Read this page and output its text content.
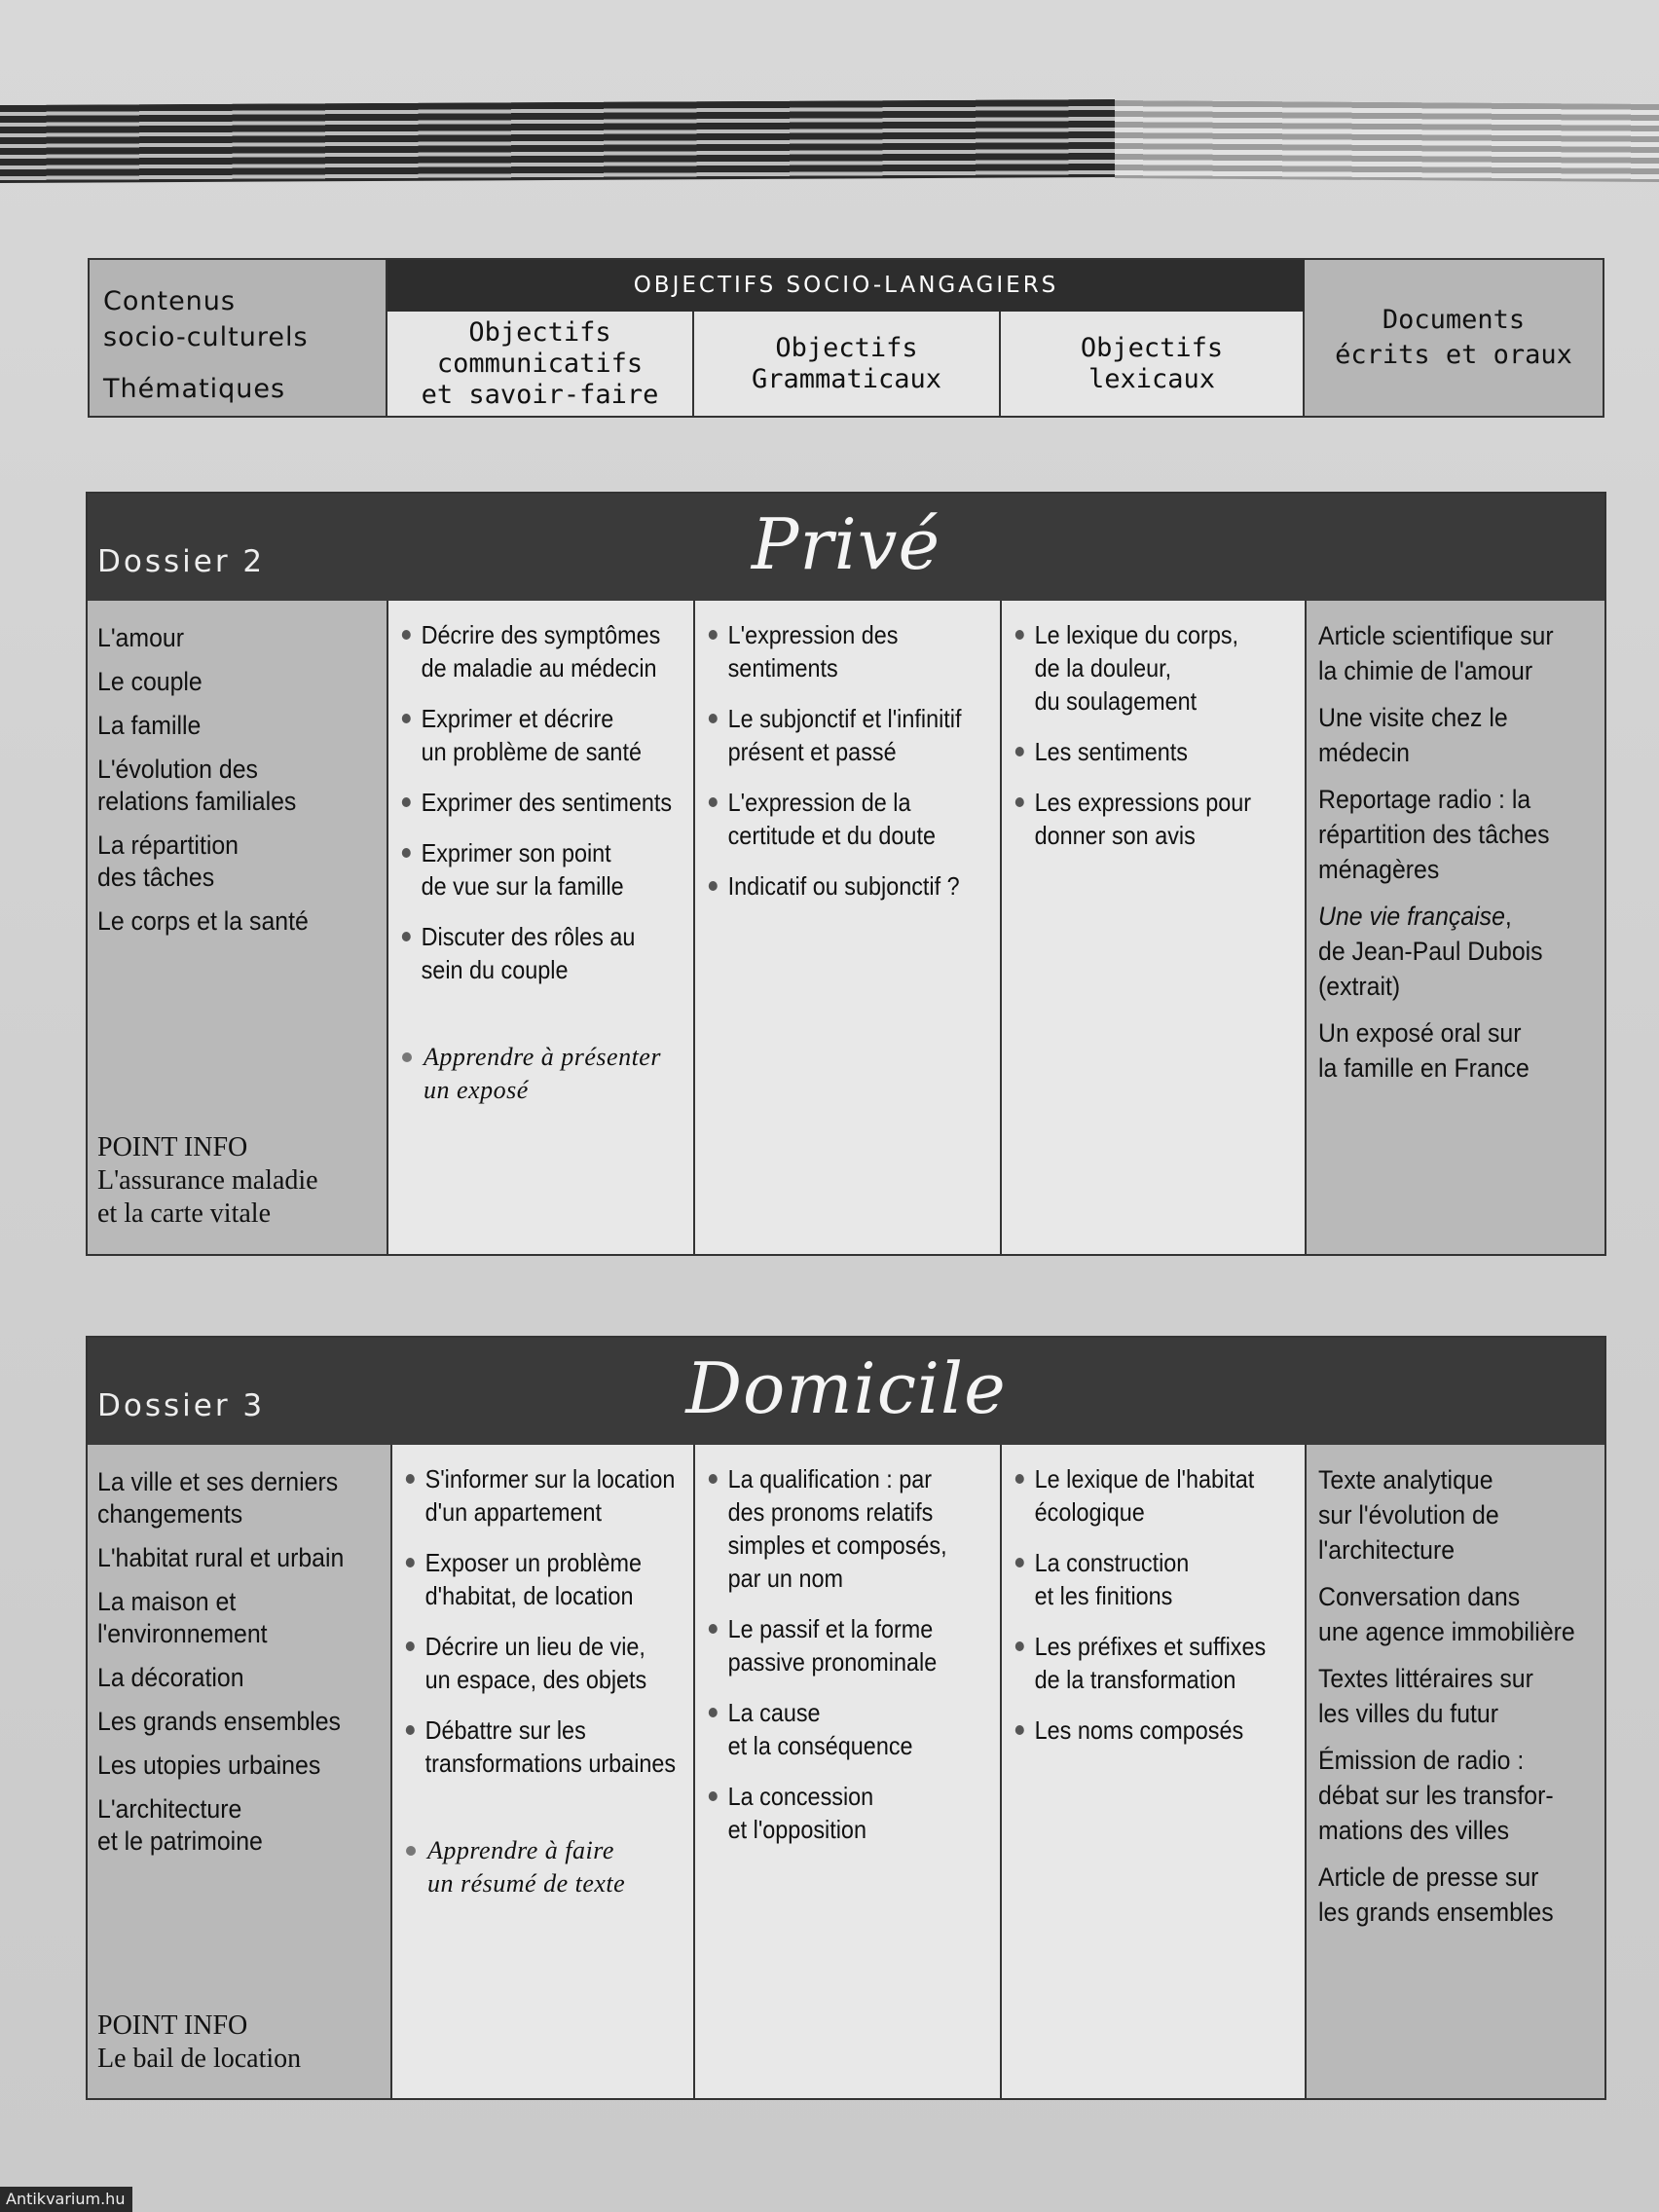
Contenus
socio-culturels
Thématiques
OBJECTIFS SOCIO-LANGAGIERS
Objectifs
communicatifs
et savoir-faire
Objectifs
Grammaticaux
Objectifs
lexicaux
Documents
écrits et oraux
Dossier 2	Privé
L'amour
Le couple
La famille
L'évolution des
relations familiales
La répartition
des tâches
Le corps et la santé
POINT INFO
L'assurance maladie
et la carte vitale
Décrire des symptômes
de maladie au médecin
Exprimer et décrire
un problème de santé
Exprimer des sentiments
Exprimer son point
de vue sur la famille
Discuter des rôles au
sein du couple
Apprendre à présenter
un exposé
L'expression des
sentiments
Le subjonctif et l'infinitif
présent et passé
L'expression de la
certitude et du doute
Indicatif ou subjonctif ?
Le lexique du corps,
de la douleur,
du soulagement
Les sentiments
Les expressions pour
donner son avis
Article scientifique sur
la chimie de l'amour
Une visite chez le
médecin
Reportage radio : la
répartition des tâches
ménagères
Une vie française,
de Jean-Paul Dubois
(extrait)
Un exposé oral sur
la famille en France
Dossier 3	Domicile
La ville et ses derniers
changements
L'habitat rural et urbain
La maison et
l'environnement
La décoration
Les grands ensembles
Les utopies urbaines
L'architecture
et le patrimoine
POINT INFO
Le bail de location
S'informer sur la location
d'un appartement
Exposer un problème
d'habitat, de location
Décrire un lieu de vie,
un espace, des objets
Débattre sur les
transformations urbaines
Apprendre à faire
un résumé de texte
La qualification : par
des pronoms relatifs
simples et composés,
par un nom
Le passif et la forme
passive pronominale
La cause
et la conséquence
La concession
et l'opposition
Le lexique de l'habitat
écologique
La construction
et les finitions
Les préfixes et suffixes
de la transformation
Les noms composés
Texte analytique
sur l'évolution de
l'architecture
Conversation dans
une agence immobilière
Textes littéraires sur
les villes du futur
Émission de radio :
débat sur les transfor-
mations des villes
Article de presse sur
les grands ensembles
Antikvarium.hu
